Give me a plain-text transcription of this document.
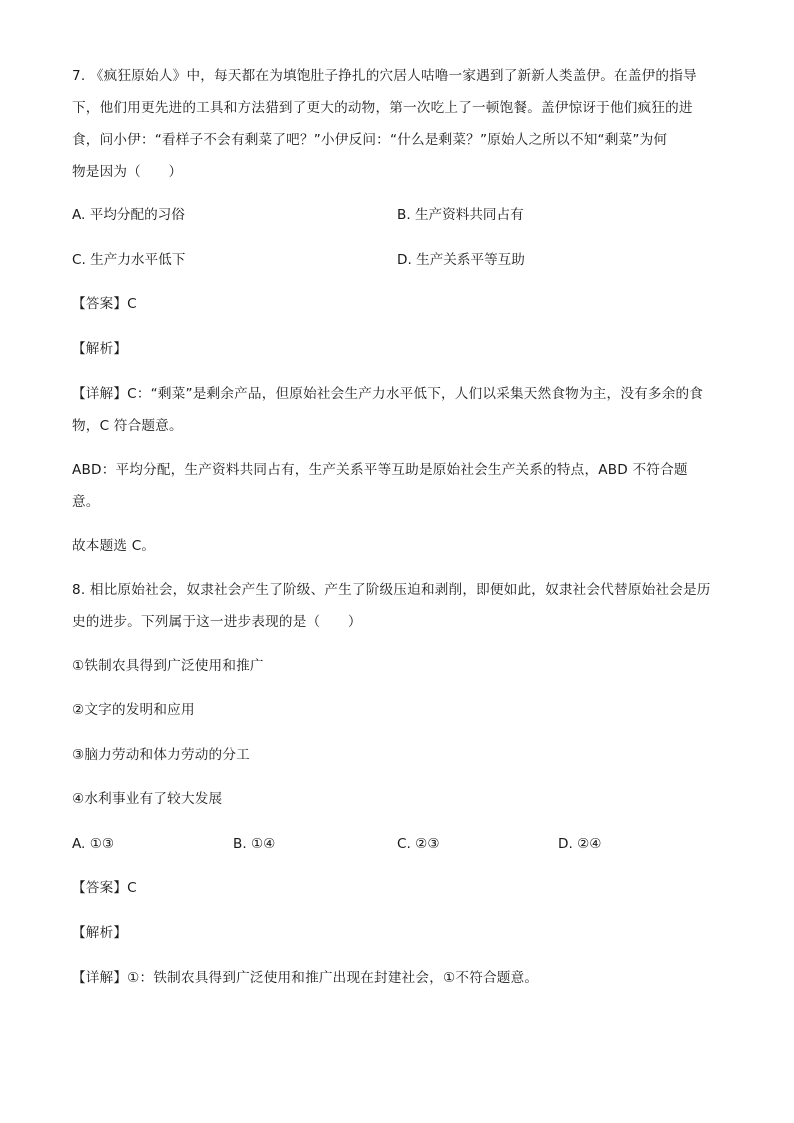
7. 《疯狂原始人》中，每天都在为填饱肚子挣扎的穴居人咕噜一家遇到了新新人类盖伊。在盖伊的指导
下，他们用更先进的工具和方法猎到了更大的动物，第一次吃上了一顿饱餐。盖伊惊讶于他们疯狂的进
食，问小伊：“看样子不会有剩菜了吧？”小伊反问：“什么是剩菜？”原始人之所以不知“剩菜”为何
物是因为（　　）
A. 平均分配的习俗	B. 生产资料共同占有
C. 生产力水平低下	D. 生产关系平等互助
【答案】C
【解析】
【详解】C：“剩菜”是剩余产品，但原始社会生产力水平低下，人们以采集天然食物为主，没有多余的食
物，C 符合题意。
ABD：平均分配，生产资料共同占有，生产关系平等互助是原始社会生产关系的特点，ABD 不符合题
意。
故本题选 C。
8. 相比原始社会，奴隶社会产生了阶级、产生了阶级压迫和剥削，即便如此，奴隶社会代替原始社会是历
史的进步。下列属于这一进步表现的是（　　）
①铁制农具得到广泛使用和推广
②文字的发明和应用
③脑力劳动和体力劳动的分工
④水利事业有了较大发展
A. ①③	B. ①④	C. ②③	D. ②④
【答案】C
【解析】
【详解】①：铁制农具得到广泛使用和推广出现在封建社会，①不符合题意。
